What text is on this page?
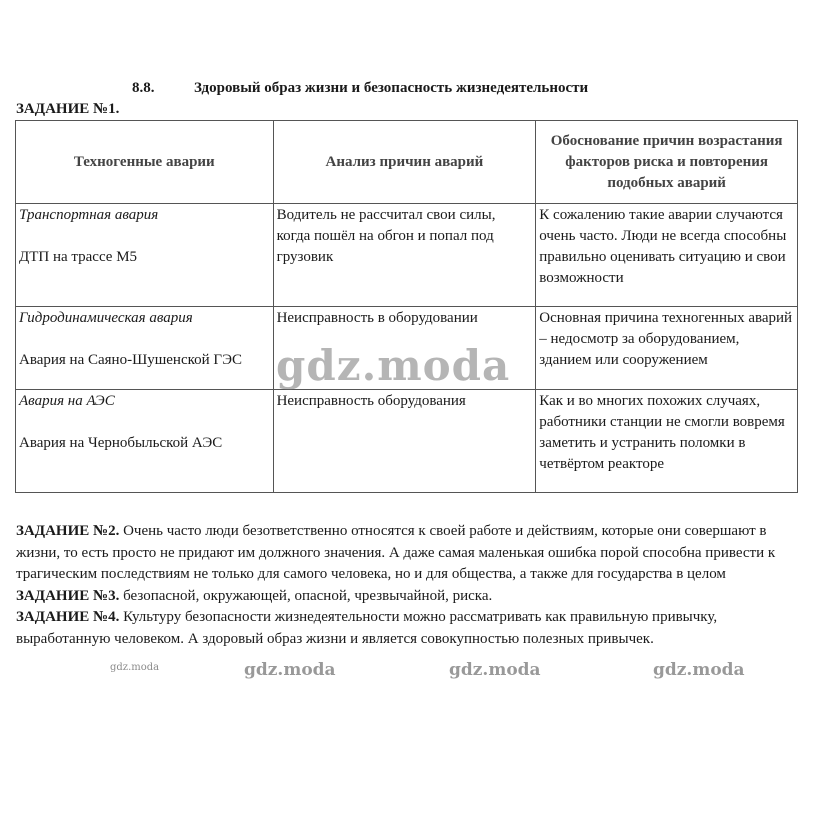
8.8.	Здоровый образ жизни и безопасность жизнедеятельности
ЗАДАНИЕ №1.
Техногенные аварии	Анализ причин аварий	Обоснование причин возрастания факторов риска и повторения подобных аварий

Транспортная авария
ДТП на трассе М5	Водитель не рассчитал свои силы, когда пошёл на обгон и попал под грузовик	К сожалению такие аварии случаются очень часто. Люди не всегда способны правильно оценивать ситуацию и свои возможности

Гидродинамическая авария
Авария на Саяно-Шушенской ГЭС	Неисправность в оборудовании	Основная причина техногенных аварий – недосмотр за оборудованием, зданием или сооружением

Авария на АЭС
Авария на Чернобыльской АЭС	Неисправность оборудования	Как и во многих похожих случаях, работники станции не смогли вовремя заметить и устранить поломки в четвёртом реакторе
gdz.moda

ЗАДАНИЕ №2. Очень часто люди безответственно относятся к своей работе и действиям, которые они совершают в жизни, то есть просто не придают им должного значения. А даже самая маленькая ошибка порой способна привести к трагическим последствиям не только для самого человека, но и для общества, а также для государства в целом

ЗАДАНИЕ №3. безопасной, окружающей, опасной, чрезвычайной, риска.

ЗАДАНИЕ №4. Культуру безопасности жизнедеятельности можно рассматривать как правильную привычку, выработанную человеком. А здоровый образ жизни и является совокупностью полезных привычек.

gdz.moda	gdz.moda	gdz.moda	gdz.moda
